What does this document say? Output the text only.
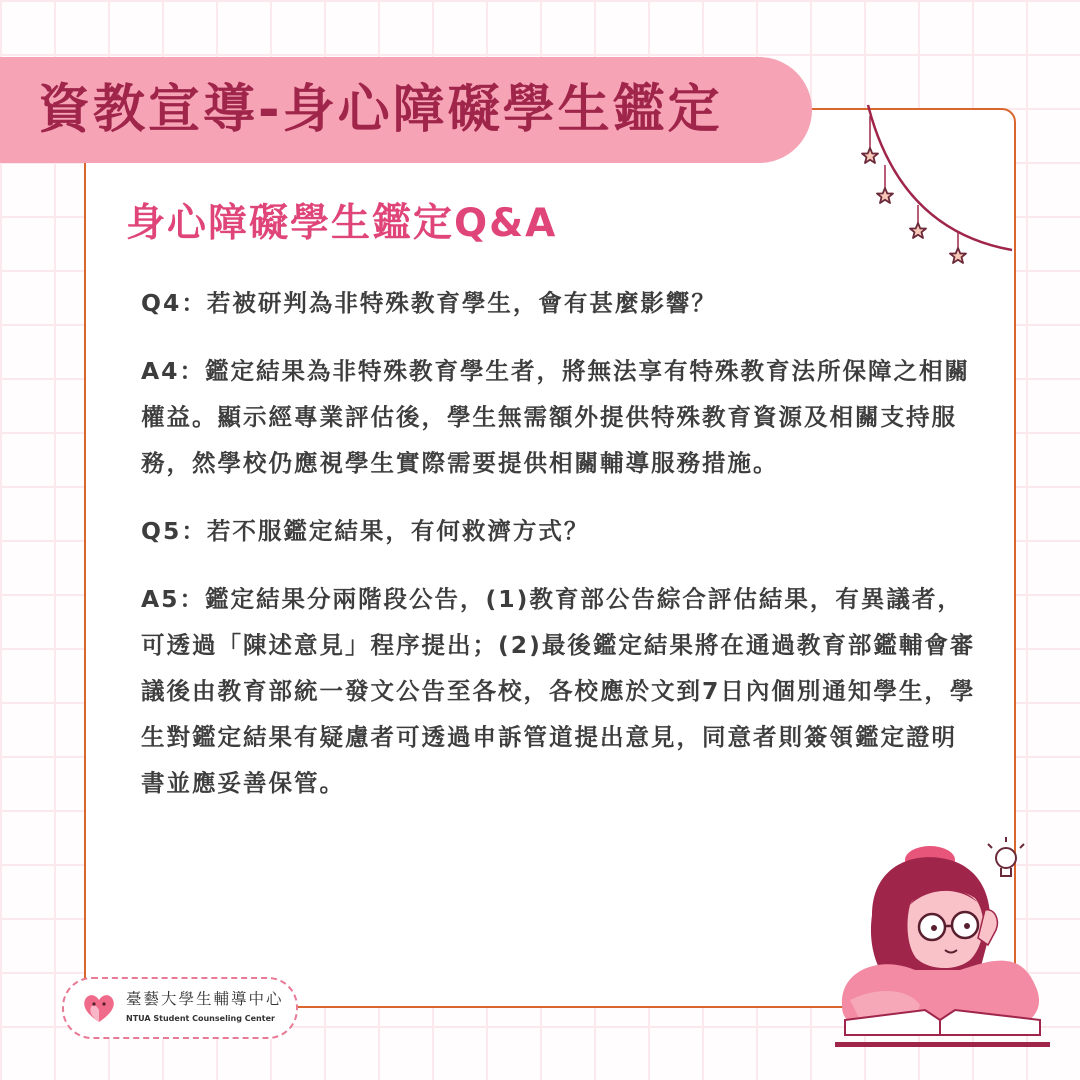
資教宣導-身心障礙學生鑑定
身心障礙學生鑑定Q&A

Q4：若被研判為非特殊教育學生，會有甚麼影響？

A4：鑑定結果為非特殊教育學生者，將無法享有特殊教育法所保障之相關權益。顯示經專業評估後，學生無需額外提供特殊教育資源及相關支持服務，然學校仍應視學生實際需要提供相關輔導服務措施。

Q5：若不服鑑定結果，有何救濟方式？

A5：鑑定結果分兩階段公告，(1)教育部公告綜合評估結果，有異議者，可透過「陳述意見」程序提出；(2)最後鑑定結果將在通過教育部鑑輔會審議後由教育部統一發文公告至各校，各校應於文到7日內個別通知學生，學生對鑑定結果有疑慮者可透過申訴管道提出意見，同意者則簽領鑑定證明書並應妥善保管。

臺藝大學生輔導中心
NTUA Student Counseling Center
